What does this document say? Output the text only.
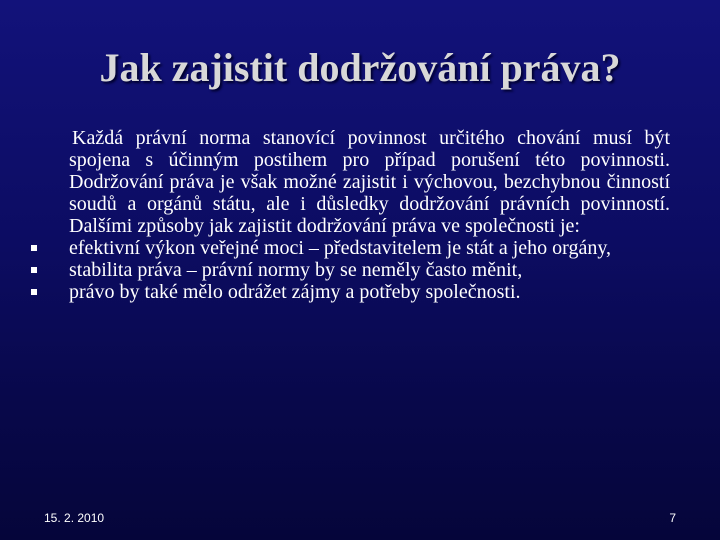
Jak zajistit dodržování práva?

Každá právní norma stanovící povinnost určitého chování musí být spojena s účinným postihem pro případ porušení této povinnosti. Dodržování práva je však možné zajistit i výchovou, bezchybnou činností soudů a orgánů státu, ale i důsledky dodržování právních povinností. Dalšími způsoby jak zajistit dodržování práva ve společnosti je:

efektivní výkon veřejné moci – představitelem je stát a jeho orgány,
stabilita práva – právní normy by se neměly často měnit,
právo by také mělo odrážet zájmy a potřeby společnosti.
15. 2. 2010	7
